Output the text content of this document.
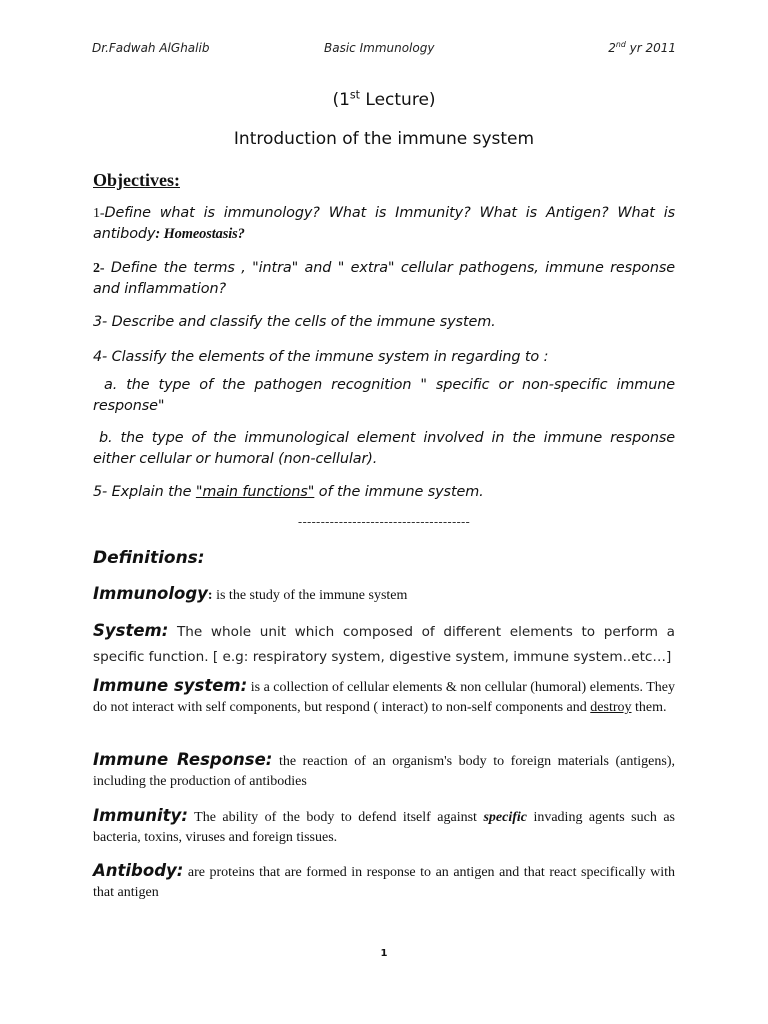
Dr.Fadwah AlGhalib	Basic Immunology	2nd yr 2011
(1st Lecture)
Introduction of the immune system
Objectives:
1-Define what is immunology? What is Immunity? What is Antigen? What is antibody: Homeostasis?
2- Define the terms , "intra" and " extra" cellular pathogens, immune response and inflammation?
3- Describe and classify the cells of the immune system.
4- Classify the elements of the immune system in regarding to :
a. the type of the pathogen recognition " specific or non-specific immune response"
b. the type of the immunological element involved in the immune response either cellular or humoral (non-cellular).
5- Explain the "main functions" of the immune system.
--------------------------------------
Definitions:
Immunology: is the study of the immune system
System: The whole unit which composed of different elements to perform a specific function. [ e.g: respiratory system, digestive system, immune system..etc…]
Immune system: is a collection of cellular elements & non cellular (humoral) elements. They do not interact with self components, but respond ( interact) to non-self components and destroy them.
Immune Response: the reaction of an organism's body to foreign materials (antigens), including the production of antibodies
Immunity: The ability of the body to defend itself against specific invading agents such as bacteria, toxins, viruses and foreign tissues.
Antibody: are proteins that are formed in response to an antigen and that react specifically with that antigen
1
